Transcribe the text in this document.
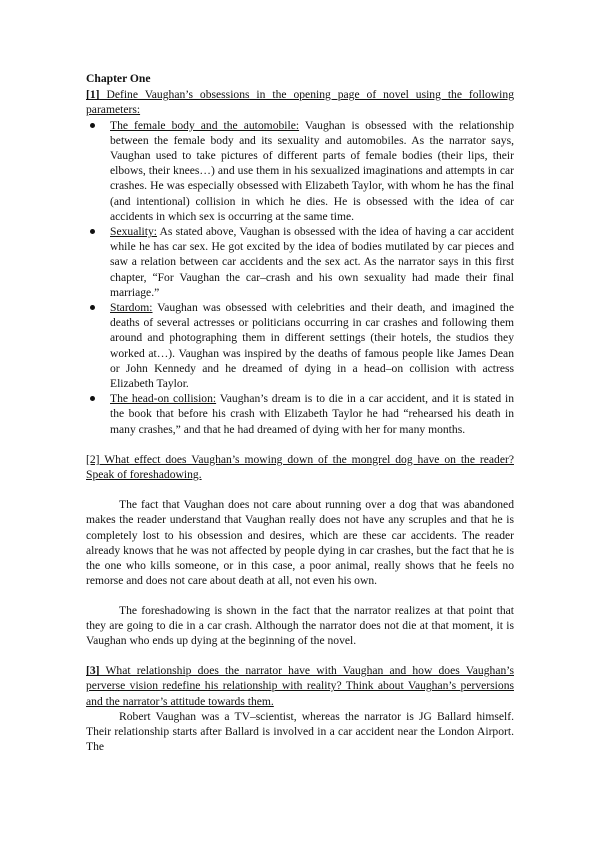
Chapter One

[1] Define Vaughan’s obsessions in the opening page of novel using the following parameters:

The female body and the automobile: Vaughan is obsessed with the relationship between the female body and its sexuality and automobiles. As the narrator says, Vaughan used to take pictures of different parts of female bodies (their lips, their elbows, their knees…) and use them in his sexualized imaginations and attempts in car crashes. He was especially obsessed with Elizabeth Taylor, with whom he has the final (and intentional) collision in which he dies. He is obsessed with the idea of car accidents in which sex is occurring at the same time.
Sexuality: As stated above, Vaughan is obsessed with the idea of having a car accident while he has car sex. He got excited by the idea of bodies mutilated by car pieces and saw a relation between car accidents and the sex act. As the narrator says in this first chapter, “For Vaughan the car–crash and his own sexuality had made their final marriage.”
Stardom: Vaughan was obsessed with celebrities and their death, and imagined the deaths of several actresses or politicians occurring in car crashes and following them around and photographing them in different settings (their hotels, the studios they worked at…). Vaughan was inspired by the deaths of famous people like James Dean or John Kennedy and he dreamed of dying in a head–on collision with actress Elizabeth Taylor.
The head-on collision: Vaughan’s dream is to die in a car accident, and it is stated in the book that before his crash with Elizabeth Taylor he had “rehearsed his death in many crashes,” and that he had dreamed of dying with her for many months.

[2] What effect does Vaughan’s mowing down of the mongrel dog have on the reader? Speak of foreshadowing.

The fact that Vaughan does not care about running over a dog that was abandoned makes the reader understand that Vaughan really does not have any scruples and that he is completely lost to his obsession and desires, which are these car accidents. The reader already knows that he was not affected by people dying in car crashes, but the fact that he is the one who kills someone, or in this case, a poor animal, really shows that he feels no remorse and does not care about death at all, not even his own.

The foreshadowing is shown in the fact that the narrator realizes at that point that they are going to die in a car crash. Although the narrator does not die at that moment, it is Vaughan who ends up dying at the beginning of the novel.

[3] What relationship does the narrator have with Vaughan and how does Vaughan’s perverse vision redefine his relationship with reality? Think about Vaughan’s perversions and the narrator’s attitude towards them.

Robert Vaughan was a TV–scientist, whereas the narrator is JG Ballard himself. Their relationship starts after Ballard is involved in a car accident near the London Airport. The
